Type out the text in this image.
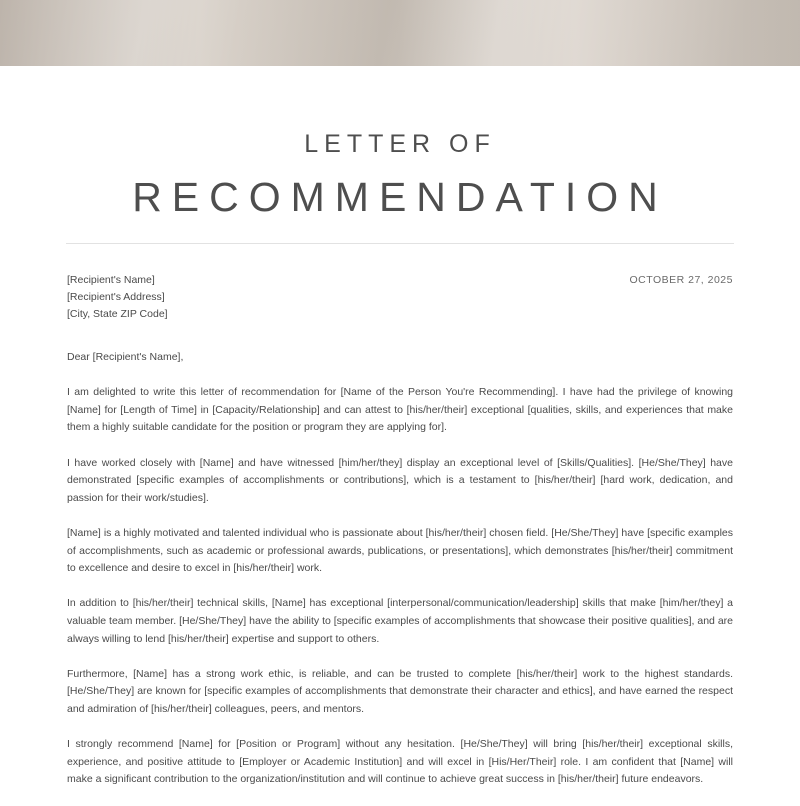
LETTER OF
RECOMMENDATION
[Recipient's Name]
[Recipient's Address]
[City, State ZIP Code]
OCTOBER 27, 2025

Dear [Recipient's Name],

I am delighted to write this letter of recommendation for [Name of the Person You're Recommending]. I have had the privilege of knowing [Name] for [Length of Time] in [Capacity/Relationship] and can attest to [his/her/their] exceptional [qualities, skills, and experiences that make them a highly suitable candidate for the position or program they are applying for].

I have worked closely with [Name] and have witnessed [him/her/they] display an exceptional level of [Skills/Qualities]. [He/She/They] have demonstrated [specific examples of accomplishments or contributions], which is a testament to [his/her/their] [hard work, dedication, and passion for their work/studies].

[Name] is a highly motivated and talented individual who is passionate about [his/her/their] chosen field. [He/She/They] have [specific examples of accomplishments, such as academic or professional awards, publications, or presentations], which demonstrates [his/her/their] commitment to excellence and desire to excel in [his/her/their] work.

In addition to [his/her/their] technical skills, [Name] has exceptional [interpersonal/communication/leadership] skills that make [him/her/they] a valuable team member. [He/She/They] have the ability to [specific examples of accomplishments that showcase their positive qualities], and are always willing to lend [his/her/their] expertise and support to others.

Furthermore, [Name] has a strong work ethic, is reliable, and can be trusted to complete [his/her/their] work to the highest standards. [He/She/They] are known for [specific examples of accomplishments that demonstrate their character and ethics], and have earned the respect and admiration of [his/her/their] colleagues, peers, and mentors.

I strongly recommend [Name] for [Position or Program] without any hesitation. [He/She/They] will bring [his/her/their] exceptional skills, experience, and positive attitude to [Employer or Academic Institution] and will excel in [His/Her/Their] role. I am confident that [Name] will make a significant contribution to the organization/institution and will continue to achieve great success in [his/her/their] future endeavors.
